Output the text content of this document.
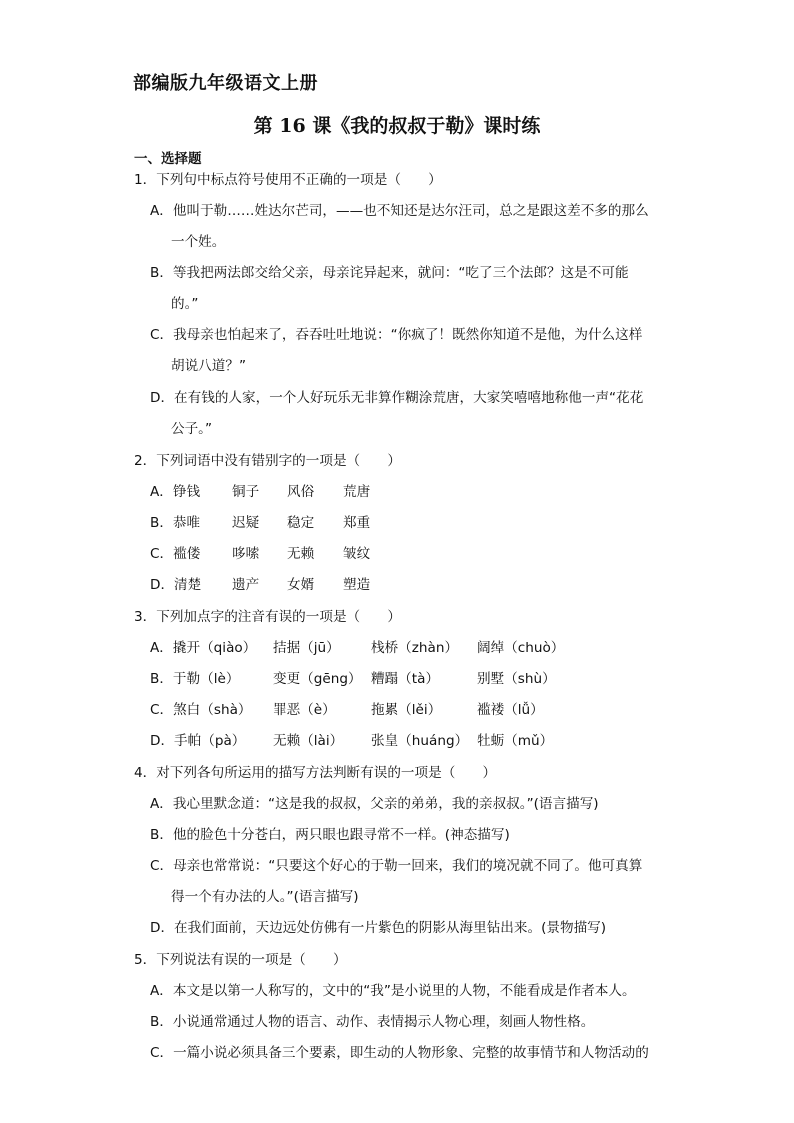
部编版九年级语文上册
第 16 课《我的叔叔于勒》课时练
一、选择题
1．下列句中标点符号使用不正确的一项是（　　）
A．他叫于勒……姓达尔芒司，——也不知还是达尔汪司，总之是跟这差不多的那么
一个姓。
B．等我把两法郎交给父亲，母亲诧异起来，就问：“吃了三个法郎？这是不可能
的。”
C．我母亲也怕起来了，吞吞吐吐地说：“你疯了！既然你知道不是他，为什么这样
胡说八道？”
D．在有钱的人家，一个人好玩乐无非算作糊涂荒唐，大家笑嘻嘻地称他一声“花花
公子。”
2．下列词语中没有错别字的一项是（　　）
A．铮钱 铜子 风俗 荒唐
B．恭唯 迟疑 稳定 郑重
C．褴偻 哆嗦 无赖 皱纹
D．清楚 遗产 女婿 塑造
3．下列加点字的注音有误的一项是（　　）
A．撬开（qiào） 拮据（jū） 栈桥（zhàn） 阔绰（chuò）
B．于勒（lè） 变更（gēng） 糟蹋（tà）	别墅（shù）
C．煞白（shà） 罪恶（è）	拖累（lěi）	褴褛（lǚ）
D．手帕（pà） 无赖（lài） 张皇（huáng） 牡蛎（mǔ）
4．对下列各句所运用的描写方法判断有误的一项是（　　）
A．我心里默念道：“这是我的叔叔，父亲的弟弟，我的亲叔叔。”(语言描写)
B．他的脸色十分苍白，两只眼也跟寻常不一样。(神态描写)
C．母亲也常常说：“只要这个好心的于勒一回来，我们的境况就不同了。他可真算
得一个有办法的人。”(语言描写)
D．在我们面前，天边远处仿佛有一片紫色的阴影从海里钻出来。(景物描写)
5．下列说法有误的一项是（　　）
A．本文是以第一人称写的，文中的“我”是小说里的人物，不能看成是作者本人。
B．小说通常通过人物的语言、动作、表情揭示人物心理，刻画人物性格。
C．一篇小说必须具备三个要素，即生动的人物形象、完整的故事情节和人物活动的
